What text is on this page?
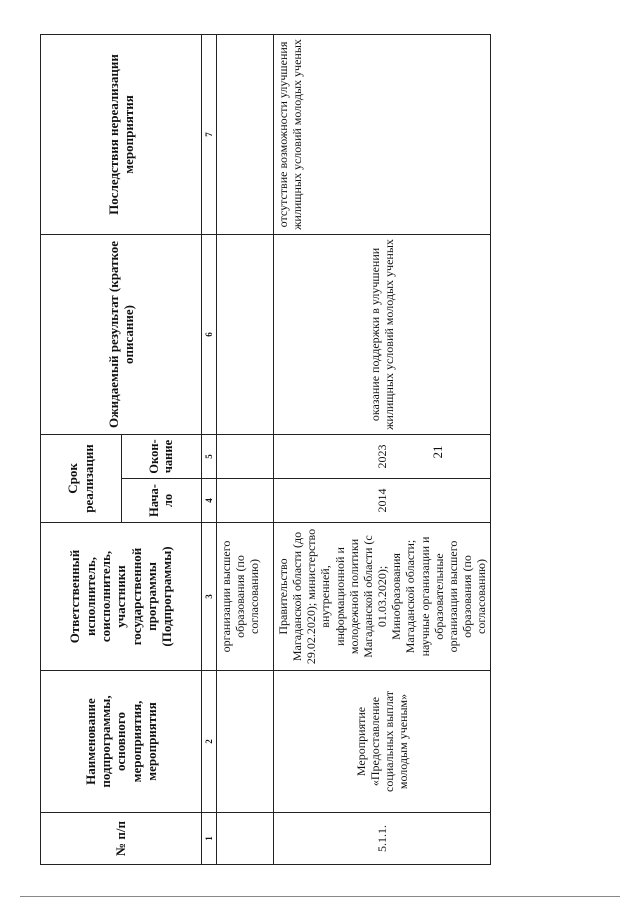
21
№ п/п	Наименование подпрограммы, основного мероприятия, мероприятия	Ответственный исполнитель, соисполнитель, участники государственной программы (Подпрограммы)	Срок реализации		Ожидаемый результат (краткое описание)	Последствия нереализации мероприятия
			Нача-ло	Окон-чание		
1	2	3	4	5	6	7
		организации высшего образования (по согласованию)				
5.1.1.	Мероприятие «Предоставление социальных выплат молодым ученым»	Правительство Магаданской области (до 29.02.2020); министерство внутренней, информационной и молодежной политики Магаданской области (с 01.03.2020); Минобразования Магаданской области; научные организации и образовательные организации высшего образования (по согласованию)	2014	2023	оказание поддержки в улучшении жилищных условий молодых ученых	отсутствие возможности улучшения жилищных условий молодых ученых
